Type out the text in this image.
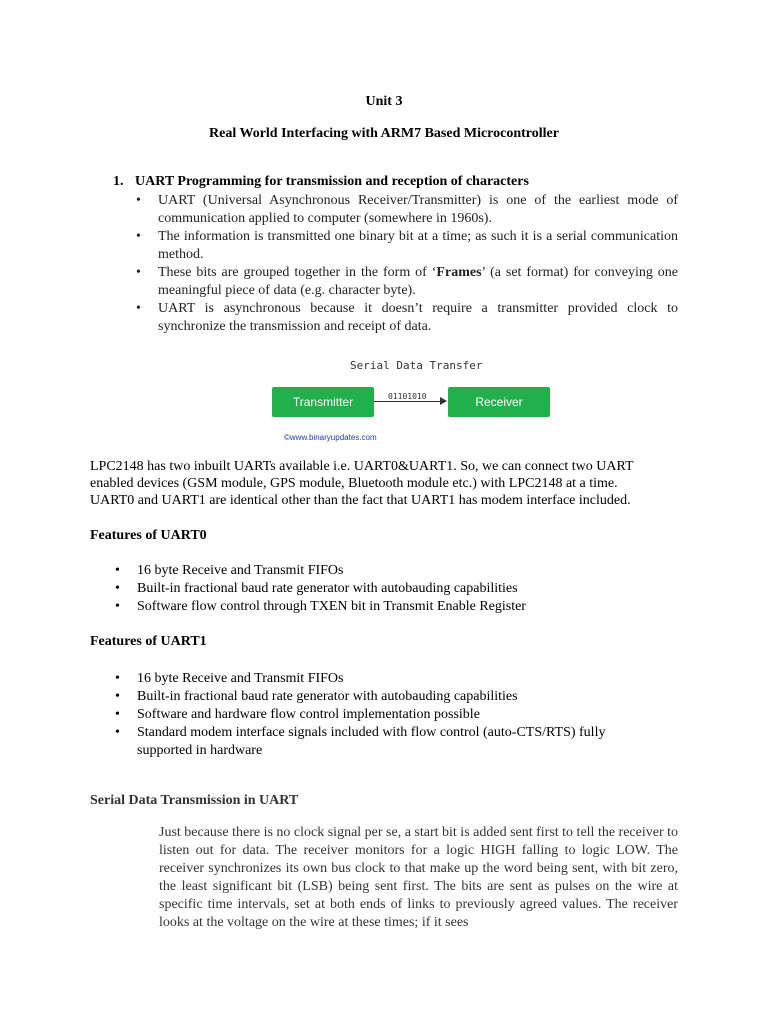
Unit 3
Real World Interfacing with ARM7 Based Microcontroller
1. UART Programming for transmission and reception of characters
• UART (Universal Asynchronous Receiver/Transmitter) is one of the earliest mode of communication applied to computer (somewhere in 1960s).
• The information is transmitted one binary bit at a time; as such it is a serial communication method.
• These bits are grouped together in the form of ‘Frames’ (a set format) for conveying one meaningful piece of data (e.g. character byte).
• UART is asynchronous because it doesn’t require a transmitter provided clock to synchronize the transmission and receipt of data.
Serial Data Transfer
Transmitter	01101010	Receiver
©www.binaryupdates.com
LPC2148 has two inbuilt UARTs available i.e. UART0&UART1. So, we can connect two UART enabled devices (GSM module, GPS module, Bluetooth module etc.) with LPC2148 at a time.
UART0 and UART1 are identical other than the fact that UART1 has modem interface included.
Features of UART0
• 16 byte Receive and Transmit FIFOs
• Built-in fractional baud rate generator with autobauding capabilities
• Software flow control through TXEN bit in Transmit Enable Register
Features of UART1
• 16 byte Receive and Transmit FIFOs
• Built-in fractional baud rate generator with autobauding capabilities
• Software and hardware flow control implementation possible
• Standard modem interface signals included with flow control (auto-CTS/RTS) fully supported in hardware
Serial Data Transmission in UART
Just because there is no clock signal per se, a start bit is added sent first to tell the receiver to listen out for data. The receiver monitors for a logic HIGH falling to logic LOW. The receiver synchronizes its own bus clock to that make up the word being sent, with bit zero, the least significant bit (LSB) being sent first. The bits are sent as pulses on the wire at specific time intervals, set at both ends of links to previously agreed values. The receiver looks at the voltage on the wire at these times; if it sees
